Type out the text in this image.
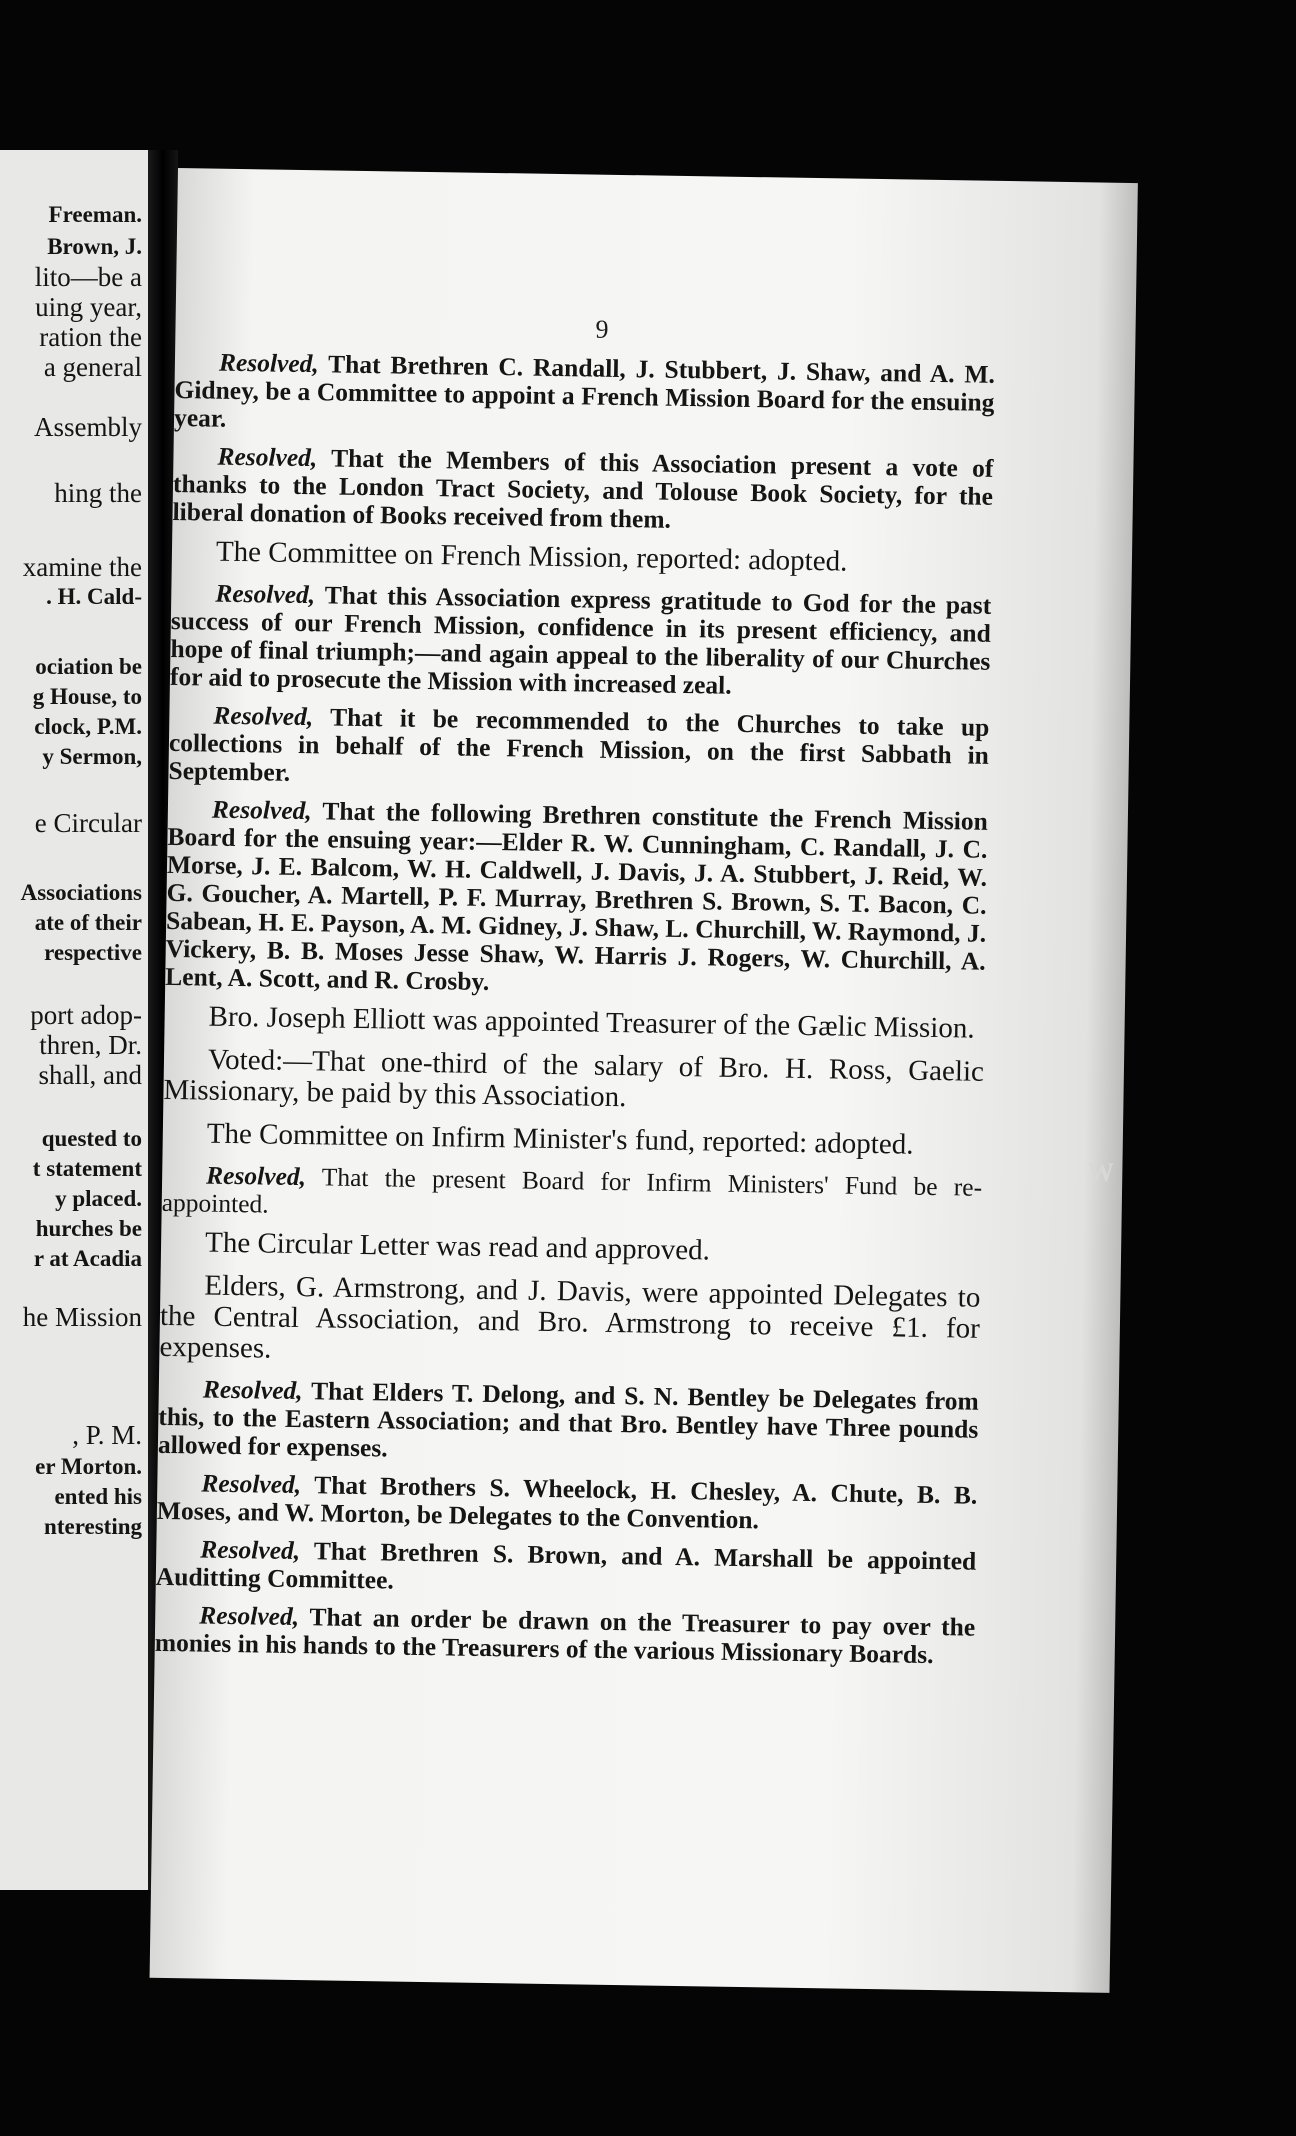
Freeman.
Brown, J.
lito—be a
uing year,
ration the
a general
Assembly
hing the
xamine the
. H. Cald-
ociation be
g House, to
clock, P.M.
y Sermon,
e Circular
Associations
ate of their
respective
port adop-
thren, Dr.
shall, and
quested to
t statement
y placed.
hurches be
r at Acadia
he Mission
, P. M.
er Morton.
ented his
nteresting
9

Resolved, That Brethren C. Randall, J. Stubbert, J. Shaw, and A. M. Gidney, be a Committee to appoint a French Mission Board for the ensuing year.

Resolved, That the Members of this Association present a vote of thanks to the London Tract Society, and Tolouse Book Society, for the liberal donation of Books received from them.

The Committee on French Mission, reported: adopted.

Resolved, That this Association express gratitude to God for the past success of our French Mission, confidence in its present efficiency, and hope of final triumph;—and again appeal to the liberality of our Churches for aid to prosecute the Mission with increased zeal.

Resolved, That it be recommended to the Churches to take up collections in behalf of the French Mission, on the first Sabbath in September.

Resolved, That the following Brethren constitute the French Mission Board for the ensuing year:—Elder R. W. Cunningham, C. Randall, J. C. Morse, J. E. Balcom, W. H. Caldwell, J. Davis, J. A. Stubbert, J. Reid, W. G. Goucher, A. Martell, P. F. Murray, Brethren S. Brown, S. T. Bacon, C. Sabean, H. E. Payson, A. M. Gidney, J. Shaw, L. Churchill, W. Raymond, J. Vickery, B. B. Moses Jesse Shaw, W. Harris J. Rogers, W. Churchill, A. Lent, A. Scott, and R. Crosby.

Bro. Joseph Elliott was appointed Treasurer of the Gælic Mission.

Voted:—That one-third of the salary of Bro. H. Ross, Gaelic Missionary, be paid by this Association.

The Committee on Infirm Minister's fund, reported: adopted.

Resolved, That the present Board for Infirm Ministers' Fund be re-appointed.

The Circular Letter was read and approved.

Elders, G. Armstrong, and J. Davis, were appointed Delegates to the Central Association, and Bro. Armstrong to receive £1. for expenses.

Resolved, That Elders T. Delong, and S. N. Bentley be Delegates from this, to the Eastern Association; and that Bro. Bentley have Three pounds allowed for expenses.

Resolved, That Brothers S. Wheelock, H. Chesley, A. Chute, B. B. Moses, and W. Morton, be Delegates to the Convention.

Resolved, That Brethren S. Brown, and A. Marshall be appointed Auditting Committee.

Resolved, That an order be drawn on the Treasurer to pay over the monies in his hands to the Treasurers of the various Missionary Boards.

W
